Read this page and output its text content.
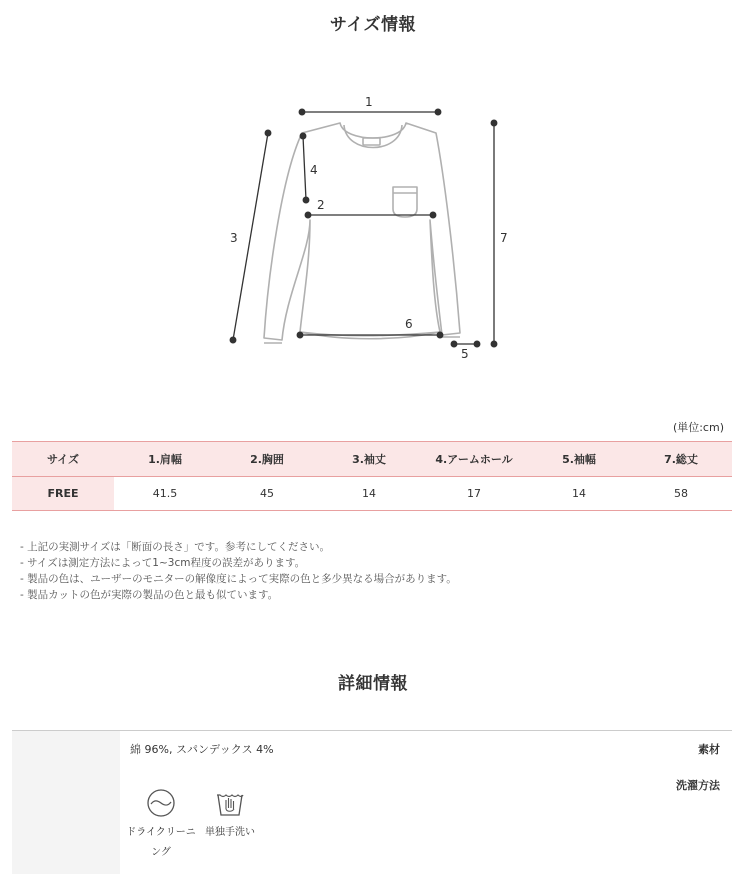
サイズ情報
1
2
3
4
5
6
7
(単位:cm)
サイズ	1.肩幅	2.胸囲	3.袖丈	4.アームホール	5.袖幅	7.総丈
FREE	41.5	45	14	17	14	58
- 上記の実測サイズは「断面の長さ」です。参考にしてください。
- サイズは測定方法によって1~3cm程度の誤差があります。
- 製品の色は、ユーザーのモニターの解像度によって実際の色と多少異なる場合があります。
- 製品カットの色が実際の製品の色と最も似ています。
詳細情報
素材
綿 96%, スパンデックス 4%
洗濯方法
ドライクリーニ
ング
単独手洗い
